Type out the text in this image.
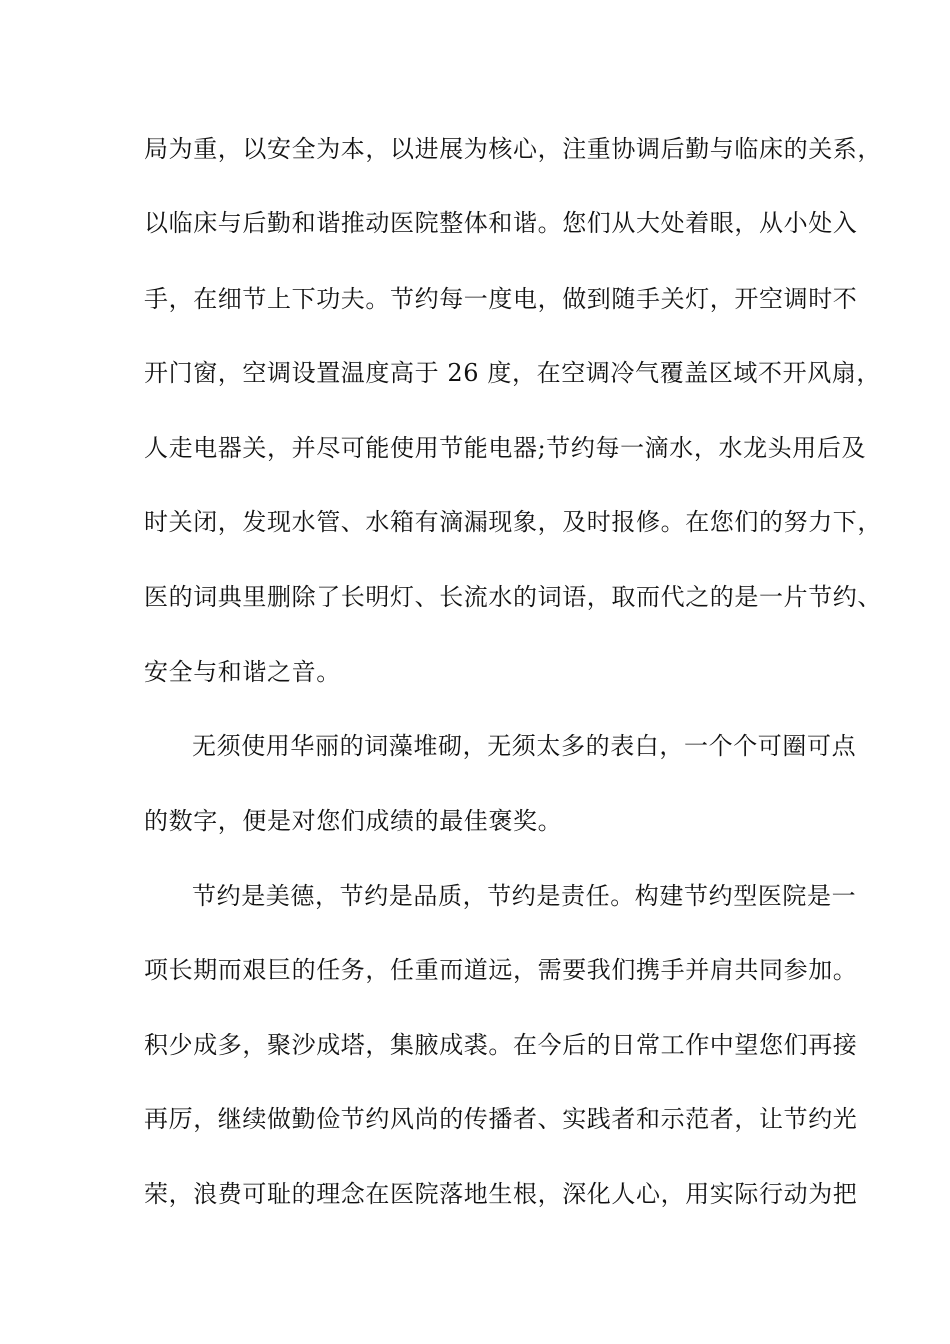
局为重，以安全为本，以进展为核心，注重协调后勤与临床的关系，
以临床与后勤和谐推动医院整体和谐。您们从大处着眼，从小处入
手，在细节上下功夫。节约每一度电，做到随手关灯，开空调时不
开门窗，空调设置温度高于 26 度，在空调冷气覆盖区域不开风扇，
人走电器关，并尽可能使用节能电器;节约每一滴水，水龙头用后及
时关闭，发现水管、水箱有滴漏现象，及时报修。在您们的努力下，
医的词典里删除了长明灯、长流水的词语，取而代之的是一片节约、
安全与和谐之音。
无须使用华丽的词藻堆砌，无须太多的表白，一个个可圈可点
的数字，便是对您们成绩的最佳褒奖。
节约是美德，节约是品质，节约是责任。构建节约型医院是一
项长期而艰巨的任务，任重而道远，需要我们携手并肩共同参加。
积少成多，聚沙成塔，集腋成裘。在今后的日常工作中望您们再接
再厉，继续做勤俭节约风尚的传播者、实践者和示范者，让节约光
荣，浪费可耻的理念在医院落地生根，深化人心，用实际行动为把
